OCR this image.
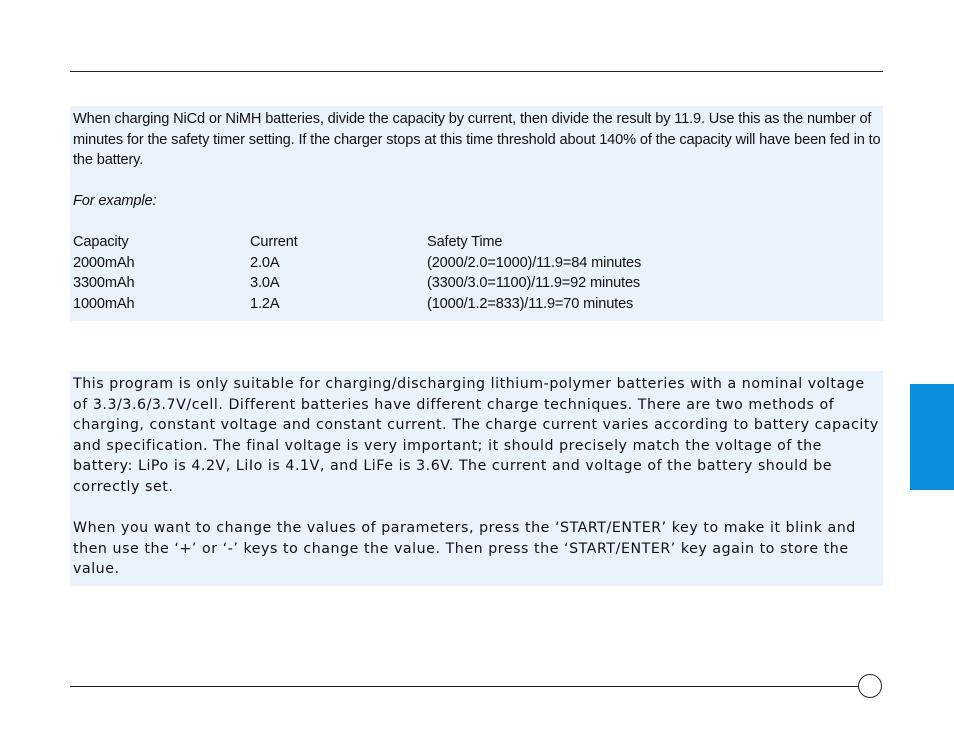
When charging NiCd or NiMH batteries, divide the capacity by current, then divide the result by 11.9. Use this as the number of minutes for the safety timer setting. If the charger stops at this time threshold about 140% of the capacity will have been fed in to the battery.

For example:

Capacity	Current	Safety Time
2000mAh	2.0A	(2000/2.0=1000)/11.9=84 minutes
3300mAh	3.0A	(3300/3.0=1100)/11.9=92 minutes
1000mAh	1.2A	(1000/1.2=833)/11.9=70 minutes

This program is only suitable for charging/discharging lithium-polymer batteries with a nominal voltage of 3.3/3.6/3.7V/cell. Different batteries have different charge techniques. There are two methods of charging, constant voltage and constant current. The charge current varies according to battery capacity and specification. The final voltage is very important; it should precisely match the voltage of the battery: LiPo is 4.2V, LiIo is 4.1V, and LiFe is 3.6V. The current and voltage of the battery should be correctly set.

When you want to change the values of parameters, press the ‘START/ENTER’ key to make it blink and then use the ‘+’ or ‘-’ keys to change the value. Then press the ‘START/ENTER’ key again to store the value.
